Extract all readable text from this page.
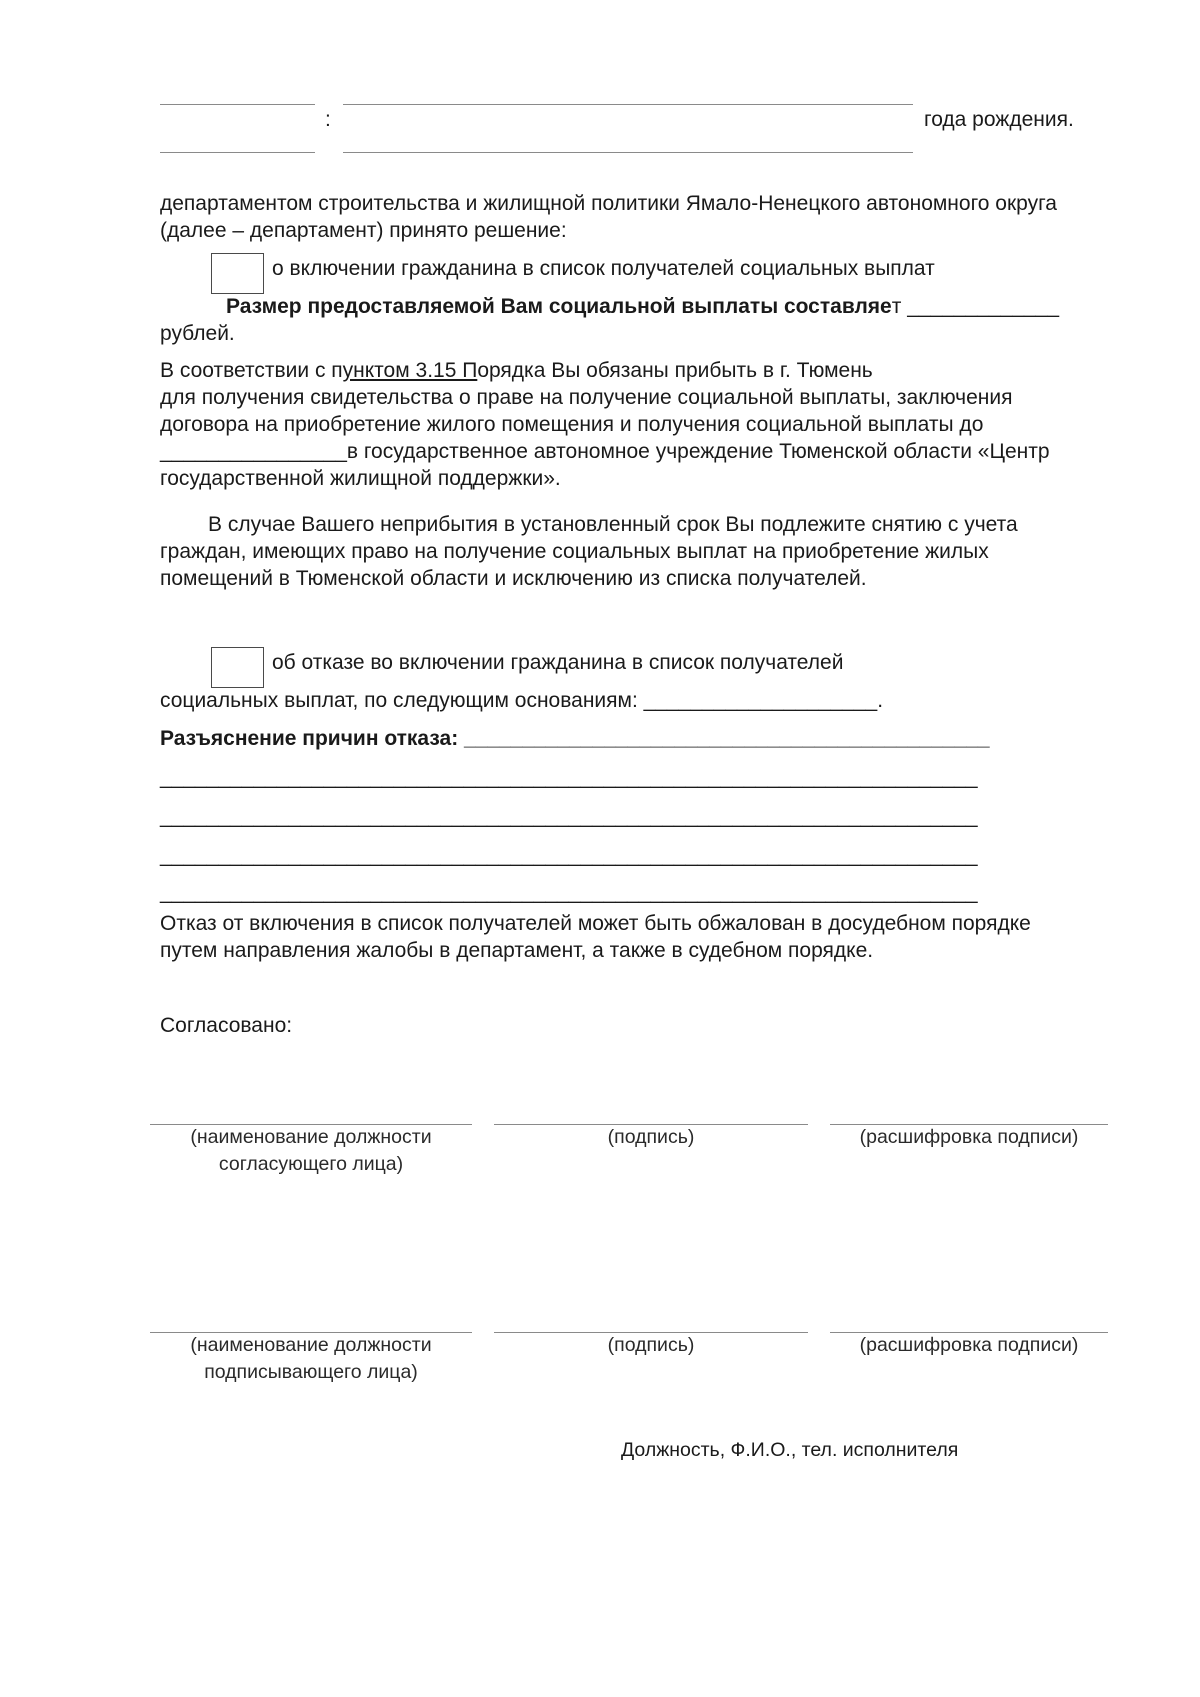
:	года рождения.
департаментом строительства и жилищной политики Ямало-Ненецкого автономного округа
(далее – департамент) принято решение:
о включении гражданина в список получателей социальных выплат
Размер предоставляемой Вам социальной выплаты составляет _____________
рублей.
В соответствии с пунктом 3.15 Порядка Вы обязаны прибыть в г. Тюмень
для получения свидетельства о праве на получение социальной выплаты, заключения
договора на приобретение жилого помещения и получения социальной выплаты до
________________в государственное автономное учреждение Тюменской области «Центр
государственной жилищной поддержки».
В случае Вашего неприбытия в установленный срок Вы подлежите снятию с учета
граждан, имеющих право на получение социальных выплат на приобретение жилых
помещений в Тюменской области и исключению из списка получателей.
об отказе во включении гражданина в список получателей
социальных выплат, по следующим основаниям: ____________________.
Разъяснение причин отказа: _____________________________________________
______________________________________________________________________
______________________________________________________________________
______________________________________________________________________
______________________________________________________________________
Отказ от включения в список получателей может быть обжалован в досудебном порядке
путем направления жалобы в департамент, а также в судебном порядке.
Согласовано:
(наименование должности
согласующего лица)
(подпись)	(расшифровка подписи)
(наименование должности
подписывающего лица)
(подпись)	(расшифровка подписи)
Должность, Ф.И.О., тел. исполнителя
